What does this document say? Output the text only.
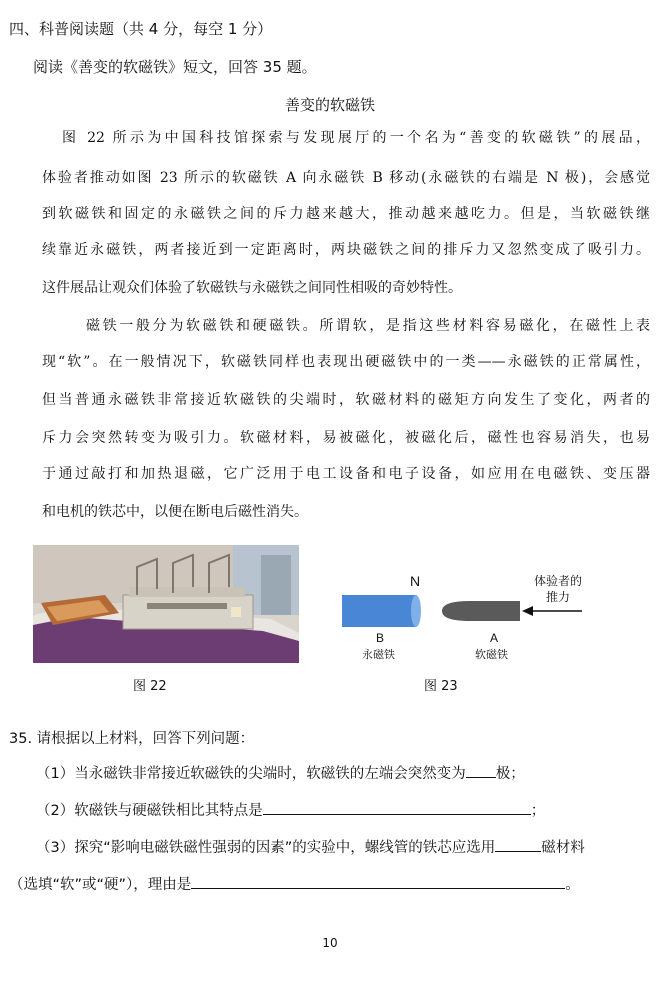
四、科普阅读题（共 4 分，每空 1 分）
阅读《善变的软磁铁》短文，回答 35 题。
善变的软磁铁
图 22 所示为中国科技馆探索与发现展厅的一个名为“善变的软磁铁”的展品，
体验者推动如图 23 所示的软磁铁 A 向永磁铁 B 移动(永磁铁的右端是 N 极)，会感觉
到软磁铁和固定的永磁铁之间的斥力越来越大，推动越来越吃力。但是，当软磁铁继
续靠近永磁铁，两者接近到一定距离时，两块磁铁之间的排斥力又忽然变成了吸引力。
这件展品让观众们体验了软磁铁与永磁铁之间同性相吸的奇妙特性。
磁铁一般分为软磁铁和硬磁铁。所谓软，是指这些材料容易磁化，在磁性上表
现“软”。在一般情况下，软磁铁同样也表现出硬磁铁中的一类——永磁铁的正常属性，
但当普通永磁铁非常接近软磁铁的尖端时，软磁材料的磁矩方向发生了变化，两者的
斥力会突然转变为吸引力。软磁材料，易被磁化，被磁化后，磁性也容易消失，也易
于通过敲打和加热退磁，它广泛用于电工设备和电子设备，如应用在电磁铁、变压器
和电机的铁芯中，以便在断电后磁性消失。
N	体验者的
推力
B
永磁铁
A
软磁铁
图 22	图 23
35. 请根据以上材料，回答下列问题：
（1）当永磁铁非常接近软磁铁的尖端时，软磁铁的左端会突然变为 极；
（2）软磁铁与硬磁铁相比其特点是	；
（3）探究“影响电磁铁磁性强弱的因素”的实验中，螺线管的铁芯应选用	磁材料
（选填“软”或“硬”），理由是	。
10
